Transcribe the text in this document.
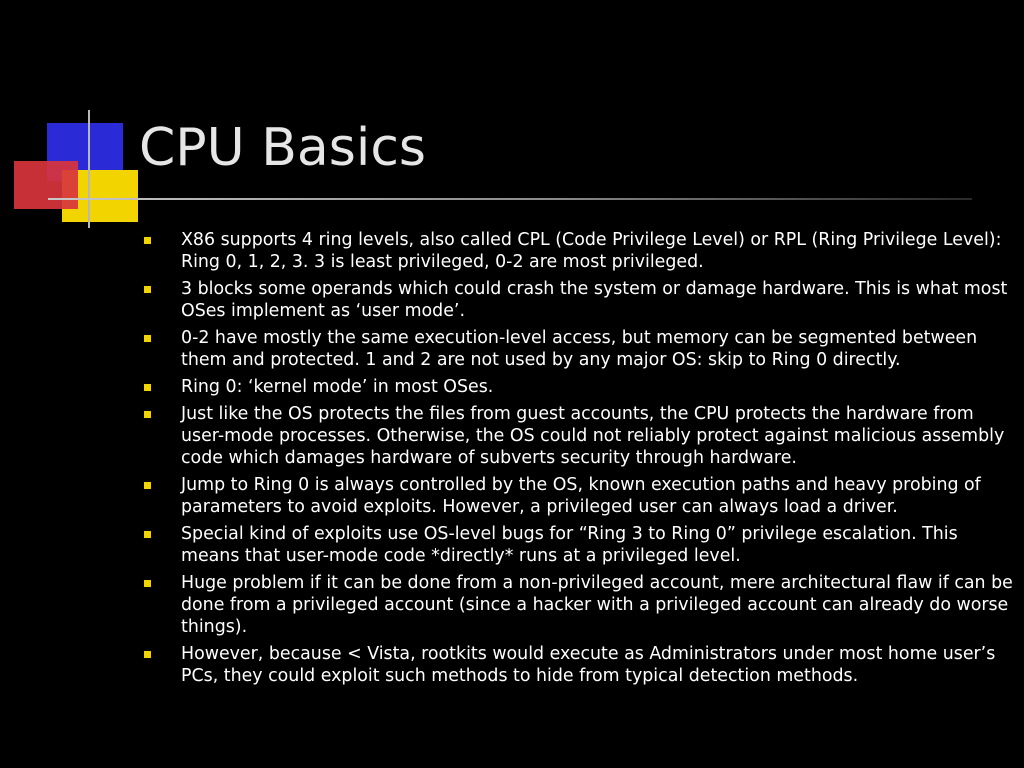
CPU Basics
X86 supports 4 ring levels, also called CPL (Code Privilege Level) or RPL (Ring Privilege Level): Ring 0, 1, 2, 3. 3 is least privileged, 0-2 are most privileged.
3 blocks some operands which could crash the system or damage hardware. This is what most OSes implement as ‘user mode’.
0-2 have mostly the same execution-level access, but memory can be segmented between them and protected. 1 and 2 are not used by any major OS: skip to Ring 0 directly.
Ring 0: ‘kernel mode’ in most OSes.
Just like the OS protects the files from guest accounts, the CPU protects the hardware from user-mode processes. Otherwise, the OS could not reliably protect against malicious assembly code which damages hardware of subverts security through hardware.
Jump to Ring 0 is always controlled by the OS, known execution paths and heavy probing of parameters to avoid exploits. However, a privileged user can always load a driver.
Special kind of exploits use OS-level bugs for “Ring 3 to Ring 0” privilege escalation. This means that user-mode code *directly* runs at a privileged level.
Huge problem if it can be done from a non-privileged account, mere architectural flaw if can be done from a privileged account (since a hacker with a privileged account can already do worse things).
However, because < Vista, rootkits would execute as Administrators under most home user’s PCs, they could exploit such methods to hide from typical detection methods.
